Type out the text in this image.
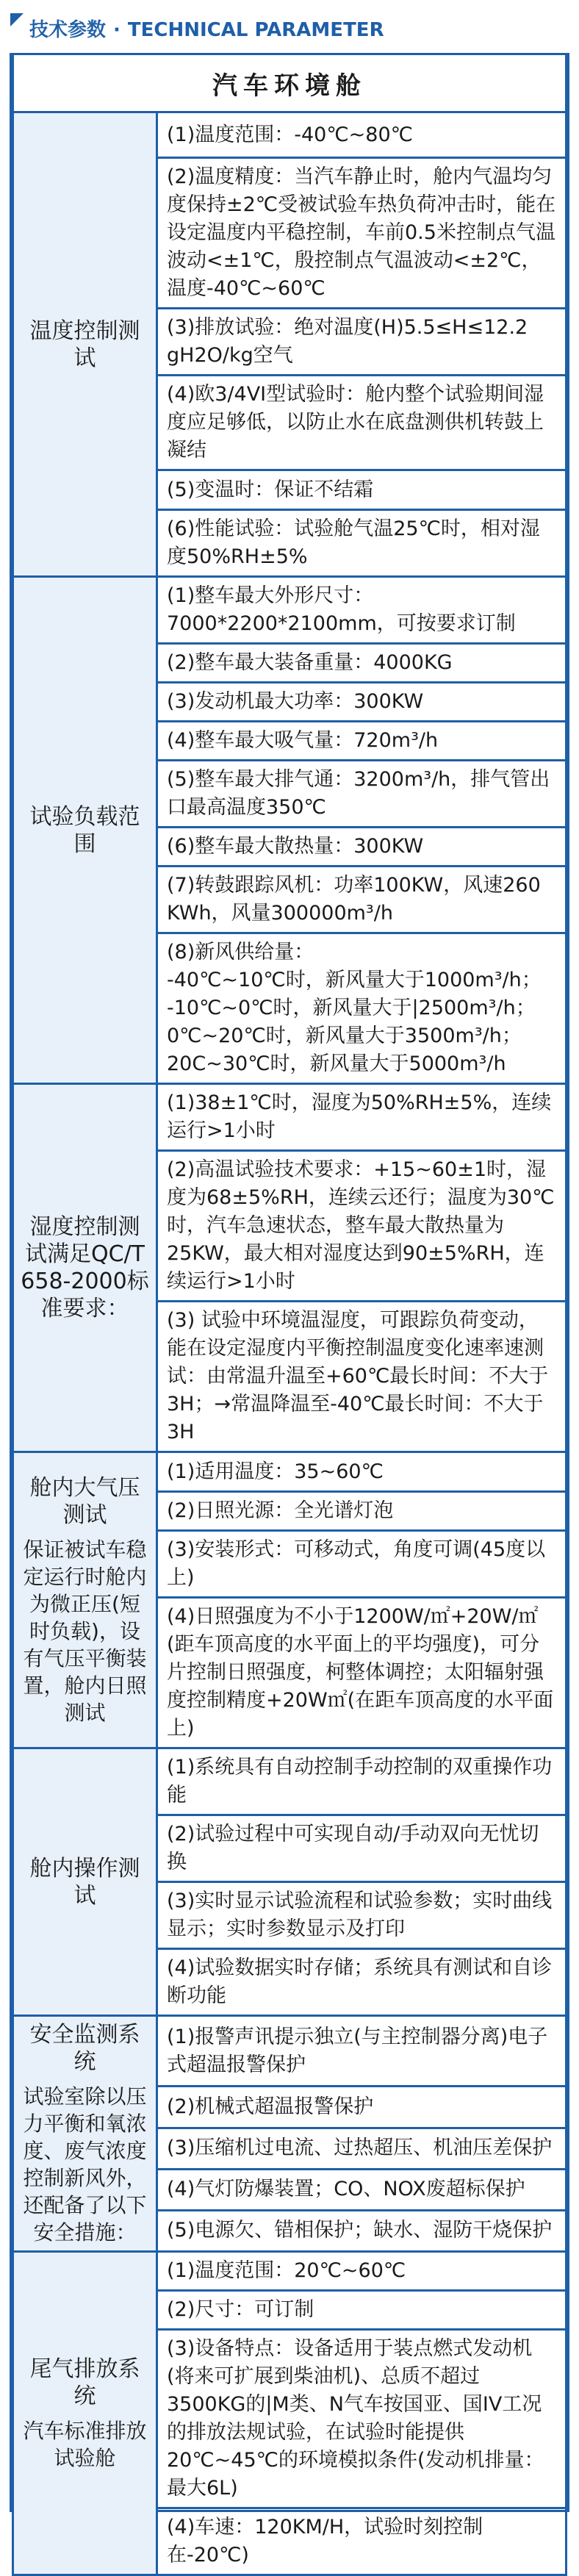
技术参数 · TECHNICAL PARAMETER
汽车环境舱	

温度控制测试	(1)温度范围：-40℃~80℃
	(2)温度精度：当汽车静止时，舱内气温均匀度保持±2℃受被试验车热负荷冲击时，能在设定温度内平稳控制，车前0.5米控制点气温波动<±1℃，殷控制点气温波动<±2℃，温度-40℃~60℃
	(3)排放试验：绝对温度(H)5.5≤H≤12.2 gH2O/kg空气
	(4)欧3/4VI型试验时：舱内整个试验期间湿度应足够低，以防止水在底盘测供机转鼓上凝结
	(5)变温时：保证不结霜
	(6)性能试验：试验舱气温25℃时，相对湿度50%RH±5%

试验负载范围	(1)整车最大外形尺寸：7000*2200*2100mm，可按要求订制
	(2)整车最大装备重量：4000KG
	(3)发动机最大功率：300KW
	(4)整车最大吸气量：720m³/h
	(5)整车最大排气通：3200m³/h，排气管出口最高温度350℃
	(6)整车最大散热量：300KW
	(7)转鼓跟踪风机：功率100KW，风速260 KWh，风量300000m³/h
	(8)新风供给量：
-40℃~10℃时，新风量大于1000m³/h；
-10℃~0℃时，新风量大于|2500m³/h；
0℃~20℃时，新风量大于3500m³/h；
20C~30℃时，新风量大于5000m³/h

湿度控制测试满足QC/T 658-2000标准要求：	(1)38±1℃时，湿度为50%RH±5%，连续运行>1小时
	(2)高温试验技术要求：+15~60±1时，湿度为68±5%RH，连续云还行；温度为30℃时，汽车急速状态，整车最大散热量为25KW，最大相对湿度达到90±5%RH，连续运行>1小时
	(3) 试验中环境温湿度，可跟踪负荷变动，能在设定湿度内平衡控制温度变化速率速测试：由常温升温至+60℃最长时间：不大于3H；→常温降温至-40℃最长时间：不大于3H

舱内大气压测试
保证被试车稳定运行时舱内为微正压(短时负载)，设有气压平衡装置，舱内日照测试	(1)适用温度：35~60℃
	(2)日照光源：全光谱灯泡
	(3)安装形式：可移动式，角度可调(45度以上)
	(4)日照强度为不小于1200W/㎡+20W/㎡(距车顶高度的水平面上的平均强度)，可分片控制日照强度，柯整体调控；太阳辐射强度控制精度+20W㎡(在距车顶高度的水平面上)

舱内操作测试	(1)系统具有自动控制手动控制的双重操作功能
	(2)试验过程中可实现自动/手动双向无忧切换
	(3)实时显示试验流程和试验参数；实时曲线显示；实时参数显示及打印
	(4)试验数据实时存储；系统具有测试和自诊断功能

安全监测系统
试验室除以压力平衡和氧浓度、废气浓度控制新风外，还配备了以下安全措施：	(1)报警声讯提示独立(与主控制器分离)电子式超温报警保护
	(2)机械式超温报警保护
	(3)压缩机过电流、过热超压、机油压差保护
	(4)气灯防爆装置；CO、NOX废超标保护
	(5)电源欠、错相保护；缺水、湿防干烧保护

尾气排放系统
汽车标准排放试验舱	(1)温度范围：20℃~60℃
	(2)尺寸：可订制
	(3)设备特点：设备适用于装点燃式发动机(将来可扩展到柴油机)、总质不超过3500KG的|M类、N气车按国亚、国IV工况的排放法规试验，在试验时能提供20℃~45℃的环境模拟条件(发动机排量：最大6L)
	(4)车速：120KM/H，试验时刻控制在-20℃)
